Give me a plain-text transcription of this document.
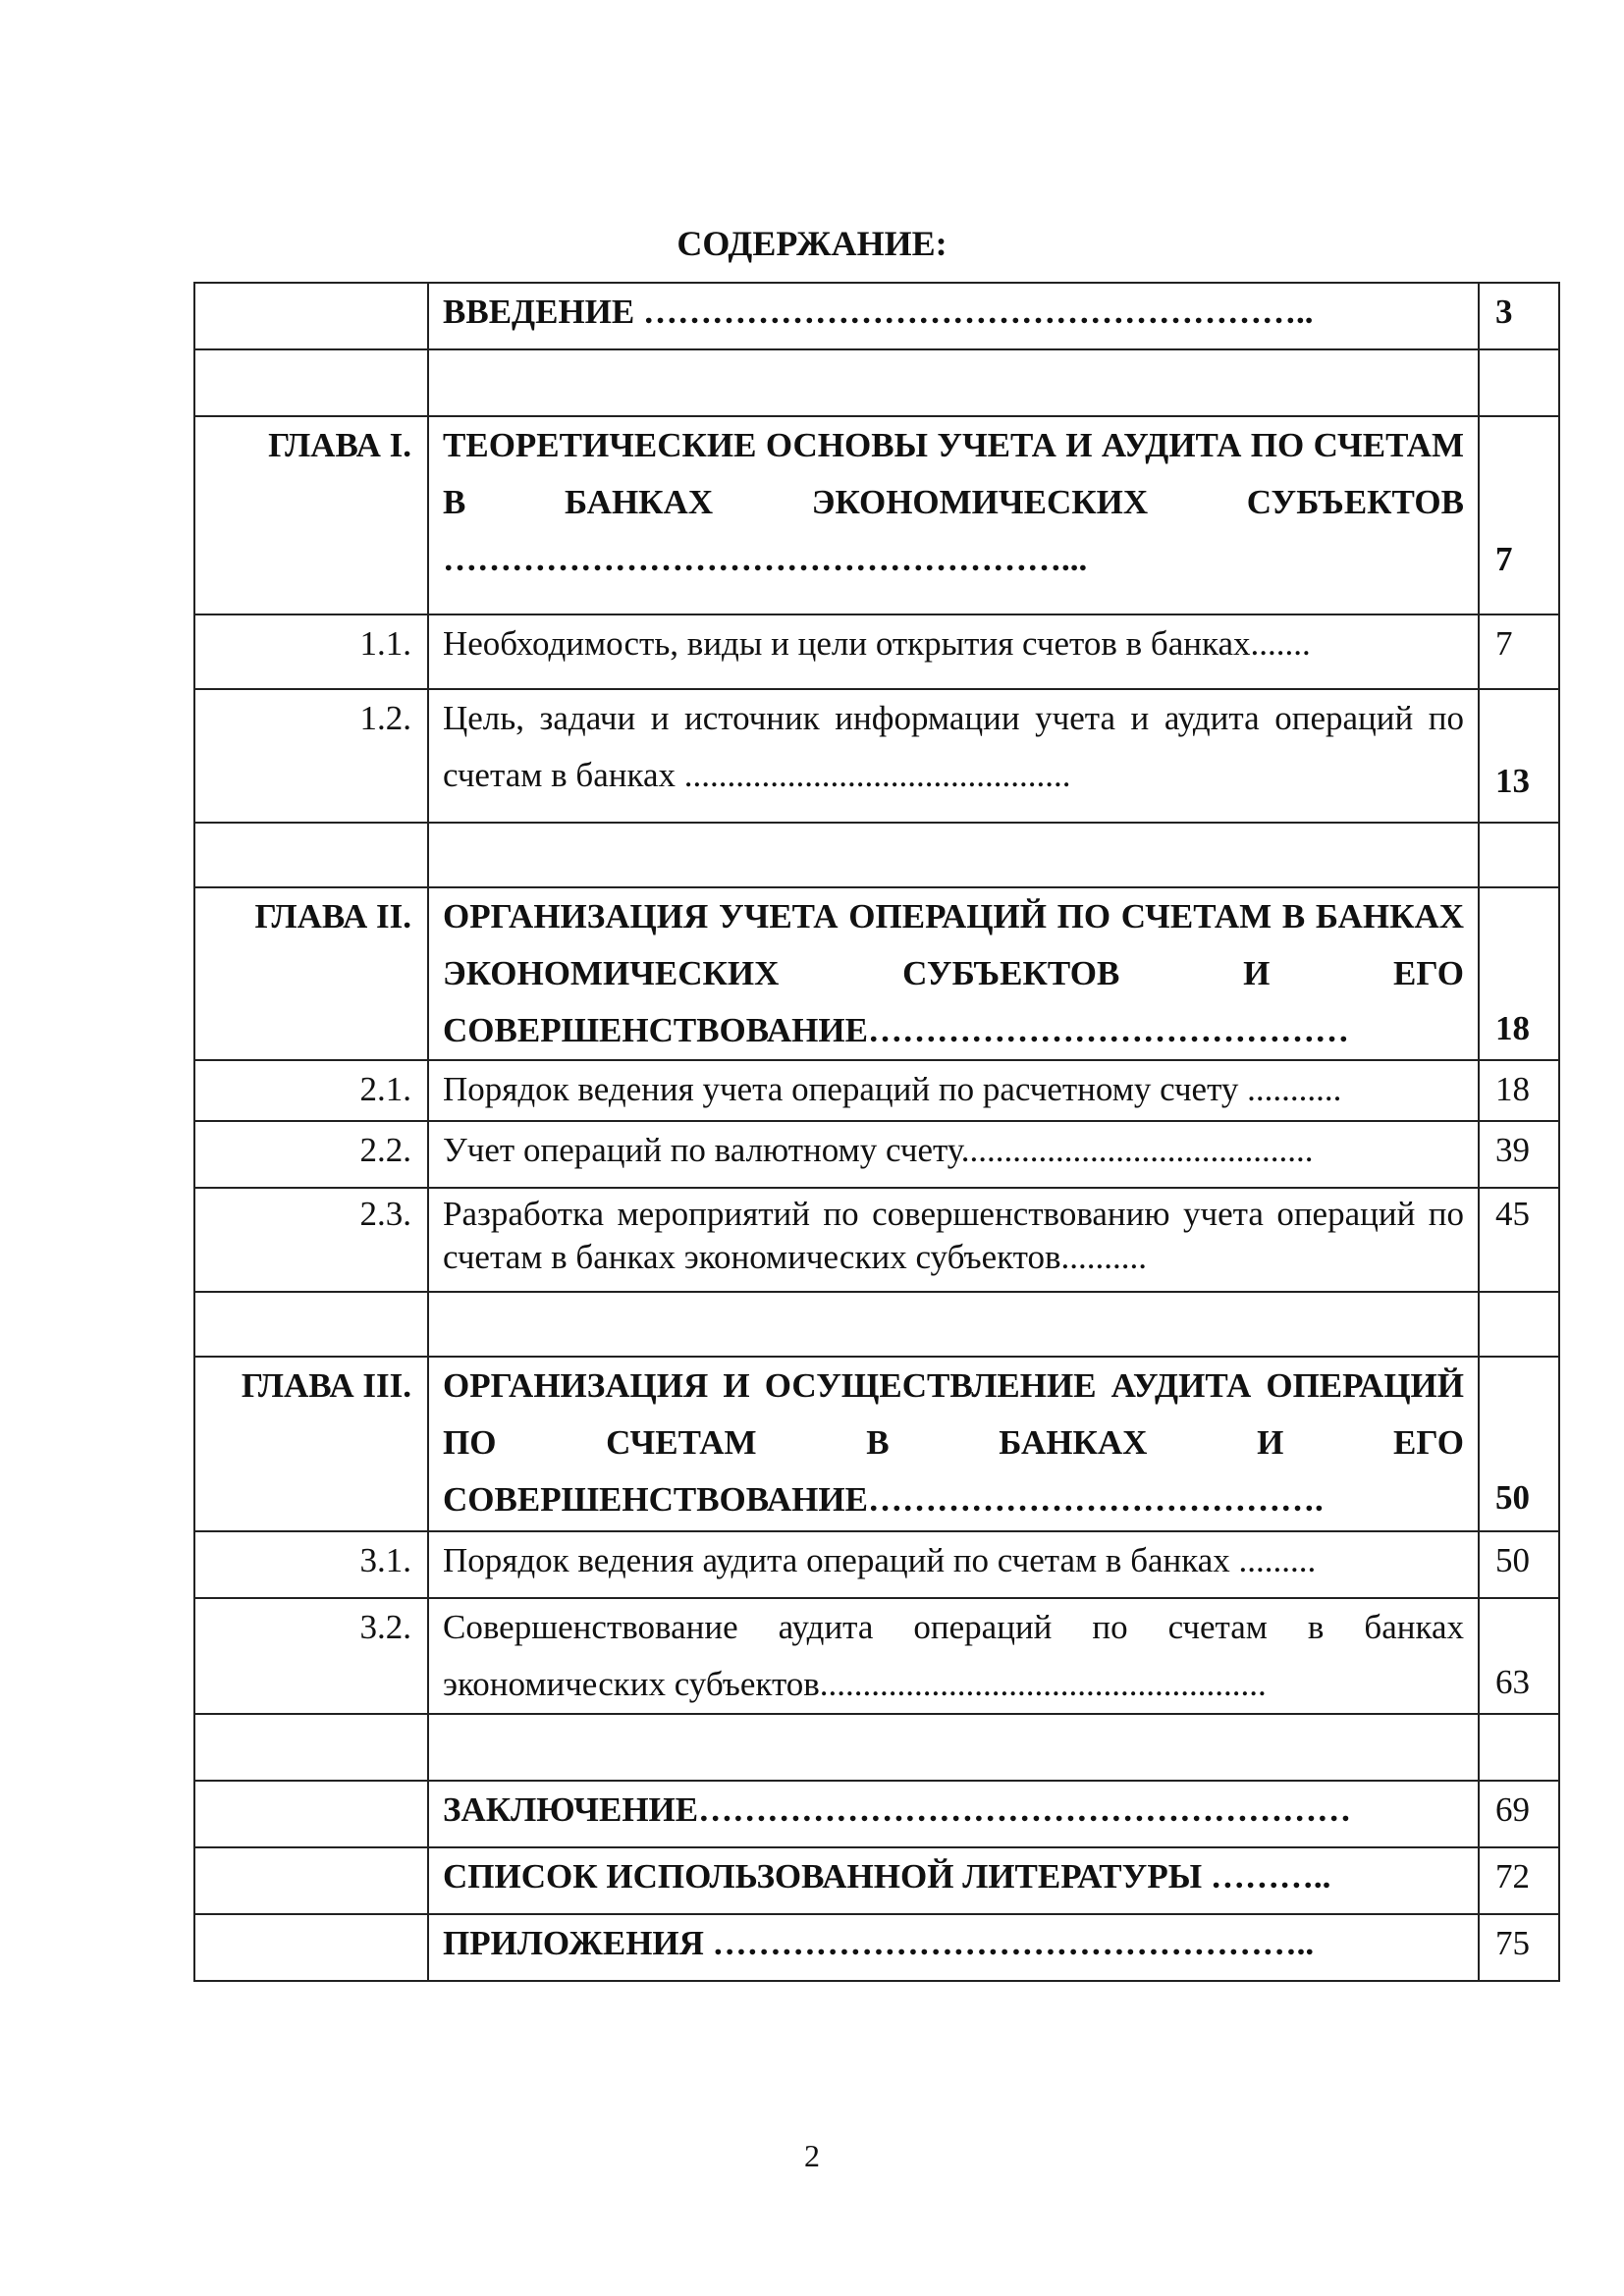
СОДЕРЖАНИЕ:
	ВВЕДЕНИЕ …………………………………………………..	3

ГЛАВА I.	ТЕОРЕТИЧЕСКИЕ ОСНОВЫ УЧЕТА И АУДИТА ПО СЧЕТАМ В БАНКАХ ЭКОНОМИЧЕСКИХ СУБЪЕКТОВ ………………………………………………...	7
1.1.	Необходимость, виды и цели открытия счетов в банках.......	7
1.2.	Цель, задачи и источник информации учета и аудита операций по счетам в банках .............................................	13

ГЛАВА II.	ОРГАНИЗАЦИЯ УЧЕТА ОПЕРАЦИЙ ПО СЧЕТАМ В БАНКАХ ЭКОНОМИЧЕСКИХ СУБЪЕКТОВ И ЕГО СОВЕРШЕНСТВОВАНИЕ……………………………………	18
2.1.	Порядок ведения учета операций по расчетному счету ...........	18
2.2.	Учет операций по валютному счету.........................................	39
2.3.	Разработка мероприятий по совершенствованию учета операций по счетам в банках экономических субъектов..........	45

ГЛАВА III.	ОРГАНИЗАЦИЯ И ОСУЩЕСТВЛЕНИЕ АУДИТА ОПЕРАЦИЙ ПО СЧЕТАМ В БАНКАХ И ЕГО СОВЕРШЕНСТВОВАНИЕ………………………………….	50
3.1.	Порядок ведения аудита операций по счетам в банках .........	50
3.2.	Совершенствование аудита операций по счетам в банках экономических субъектов....................................................	63

	ЗАКЛЮЧЕНИЕ…………………………………………………	69
	СПИСОК ИСПОЛЬЗОВАННОЙ ЛИТЕРАТУРЫ ………..	72
	ПРИЛОЖЕНИЯ ……………………………………………..	75
2
